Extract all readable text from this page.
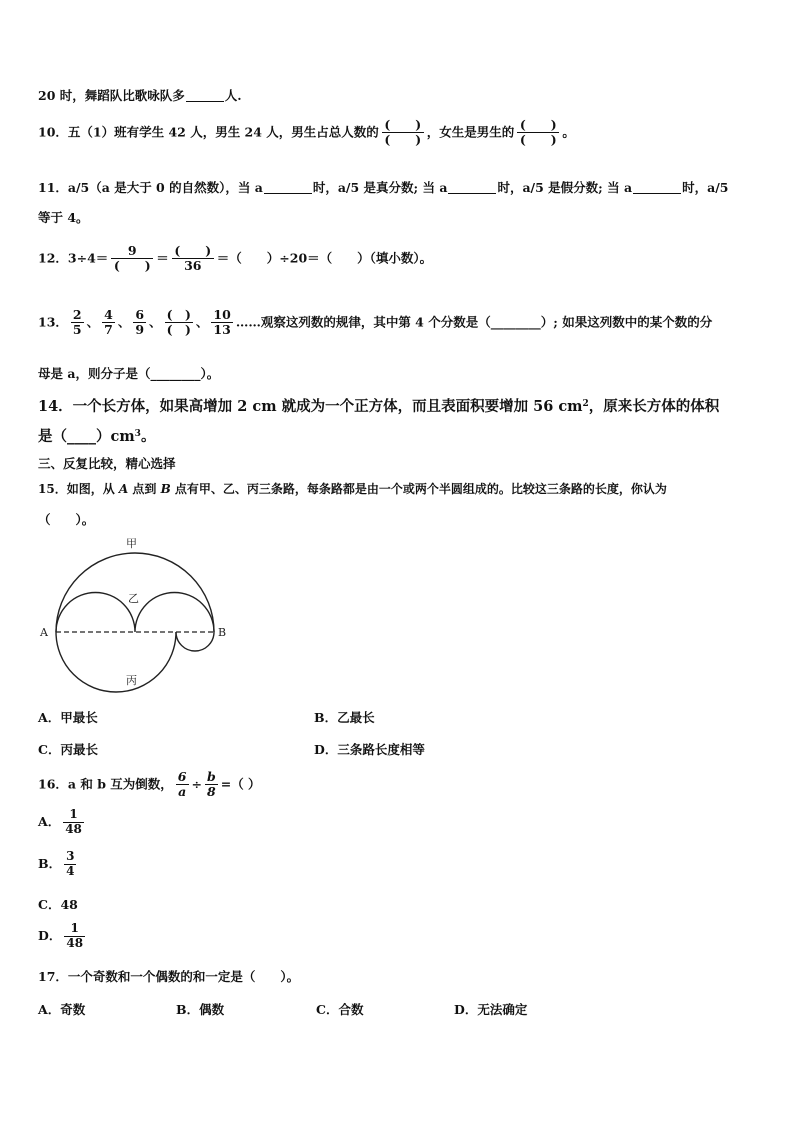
20 时，舞蹈队比歌咏队多	人.
10．五（1）班有学生 42 人，男生 24 人，男生占总人数的 $\frac{( )}{( )}$ ，女生是男生的 $\frac{( )}{( )}$ 。
11．a/5（a 是大于 0 的自然数），当 a	时，a/5 是真分数; 当 a	时，a/5 是假分数; 当 a	时，a/5
等于 4。
12．$3\div 4= \frac{9}{( )} = \frac{( )}{36}$ ＝（　　）÷20＝（　　）（填小数）。
13． $\frac{2}{5}$ 、 $\frac{4}{7}$ 、 $\frac{6}{9}$ 、 $\frac{( )}{( )}$ 、 $\frac{10}{13}$ ……观察这列数的规律，其中第 4 个分数是（________）; 如果这列数中的某个数的分
母是 a，则分子是（________）。
14．一个长方体，如果高增加 2 cm 就成为一个正方体，而且表面积要增加 56 $cm^2$，原来长方体的体积
是$(\_\_\_\_)cm^3$。
三、反复比较，精心选择
15．如图，从 A 点到 B 点有甲、乙、丙三条路，每条路都是由一个或两个半圆组成的。比较这三条路的长度，你认为
（　　）。
甲
乙
丙
A	B
A．甲最长	B．乙最长
C．丙最长	D．三条路长度相等
16．a 和 b 互为倒数， $\frac{6}{a} \div \frac{b}{8}$ =（ ）
A． $\frac{1}{48}$
B． $\frac{3}{4}$
C．48
D． $\frac{1}{48}$
17．一个奇数和一个偶数的和一定是（　　）。
A．奇数	B．偶数	C．合数	D．无法确定
